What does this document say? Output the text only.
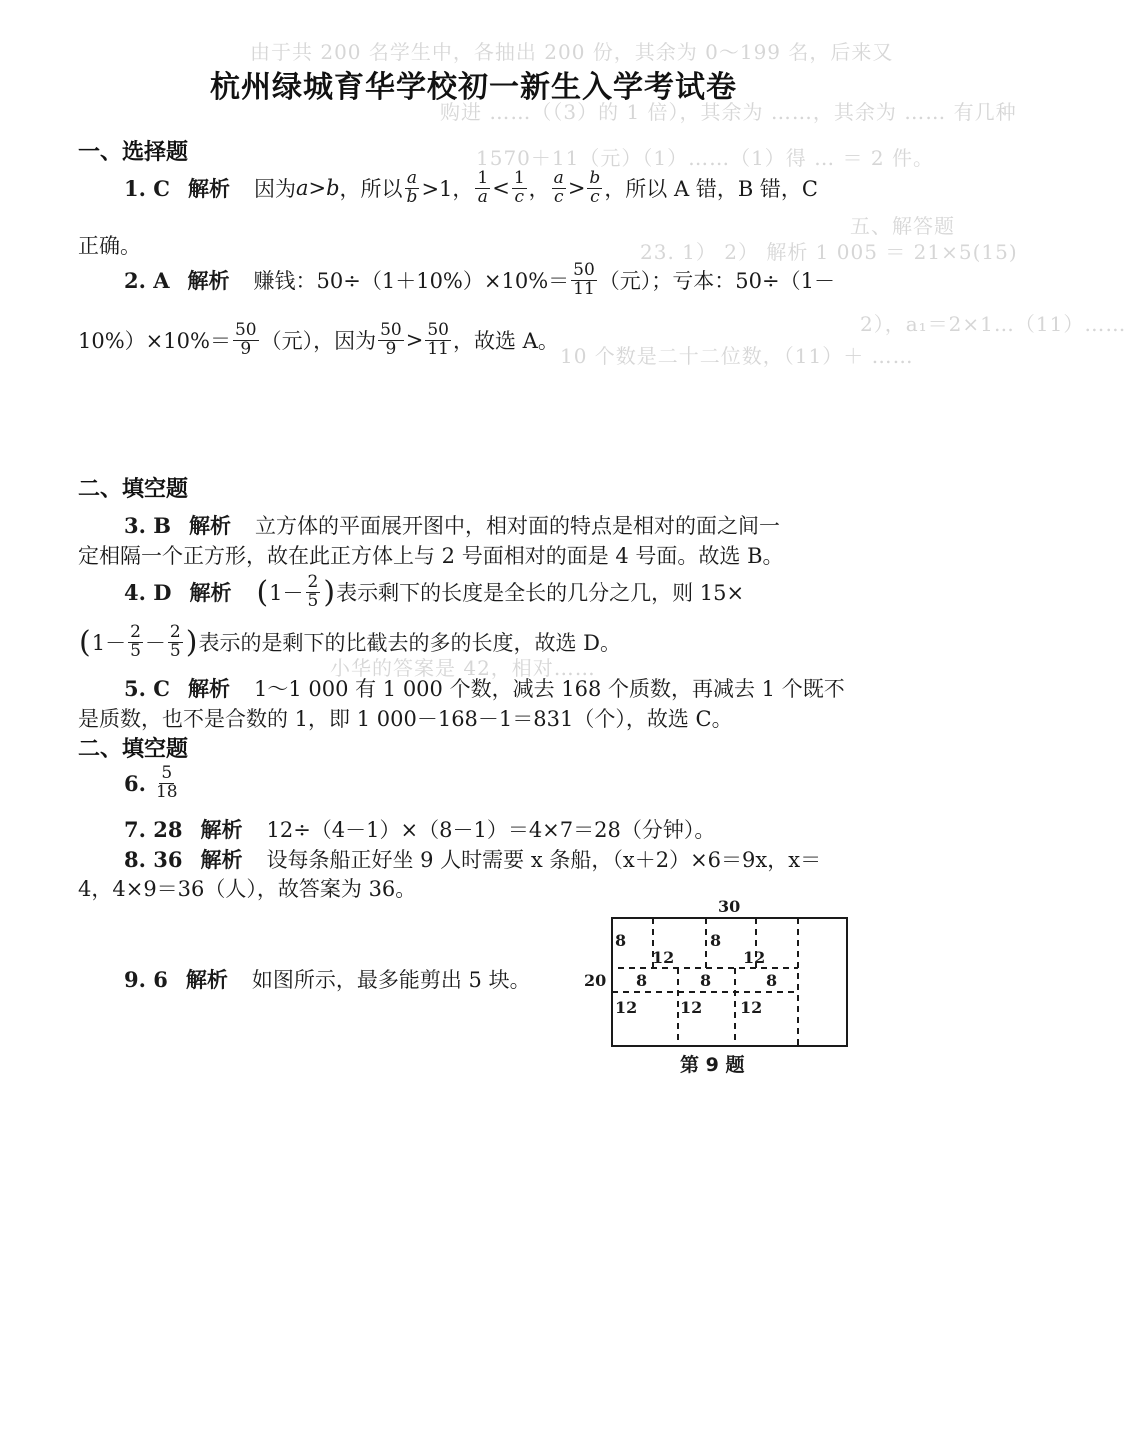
由于共 200 名学生中，各抽出 200 份，其余为 0～199 名，后来又
购进 ……（（3）的 1 倍），其余为 ……，其余为 …… 有几种
1570＋11（元）（1）……（1）得 … ＝ 2 件。
五、解答题
23. 1） 2） 解析 1 005 ＝ 21×5(15)
2），a₁＝2×1…（11）……
10 个数是二十二位数，（11）＋ ……
小华的答案是 42，相对……
杭州绿城育华学校初一新生入学考试卷
一、选择题
1. C 解析 因为 a > b ，所以 $\frac{a}{b} >1$， $\frac{1}{a} < \frac{1}{c}$ ， $\frac{a}{c} > \frac{b}{c}$ ，所以 A 错，B 错，C
正确。
2. A 解析 赚钱：$50\div(1+10\%)\times 10\%= \frac{50}{11}$ （元）；亏本：50÷（1－
$10\%)\times 10\%= \frac{50}{9}$ （元），因为 $\frac{50}{9} > \frac{50}{11}$ ，故选 A。
二、填空题
3. B 解析 立方体的平面展开图中，相对面的特点是相对的面之间一
定相隔一个正方形，故在此正方体上与 2 号面相对的面是 4 号面。故选 B。
4. D 解析 ( $1- \frac{2}{5}$ ) 表示剩下的长度是全长的几分之几，则 15×
( $1- \frac{2}{5} - \frac{2}{5}$ ) 表示的是剩下的比截去的多的长度，故选 D。
5. C 解析 1～1 000 有 1 000 个数，减去 168 个质数，再减去 1 个既不
是质数，也不是合数的 1，即 1 000－168－1＝831（个），故选 C。
二、填空题
6. $\frac{5}{18}$
7. 28 解析 12÷（4－1）×（8－1）＝4×7＝28（分钟）。
8. 36 解析 设每条船正好坐 9 人时需要 x 条船，（x＋2）×6＝9x，x＝
4，4×9＝36（人），故答案为 36。
9. 6 解析 如图所示，最多能剪出 5 块。
30
20
8	8
12	12
8	8	8
12	12 12
第 9 题
